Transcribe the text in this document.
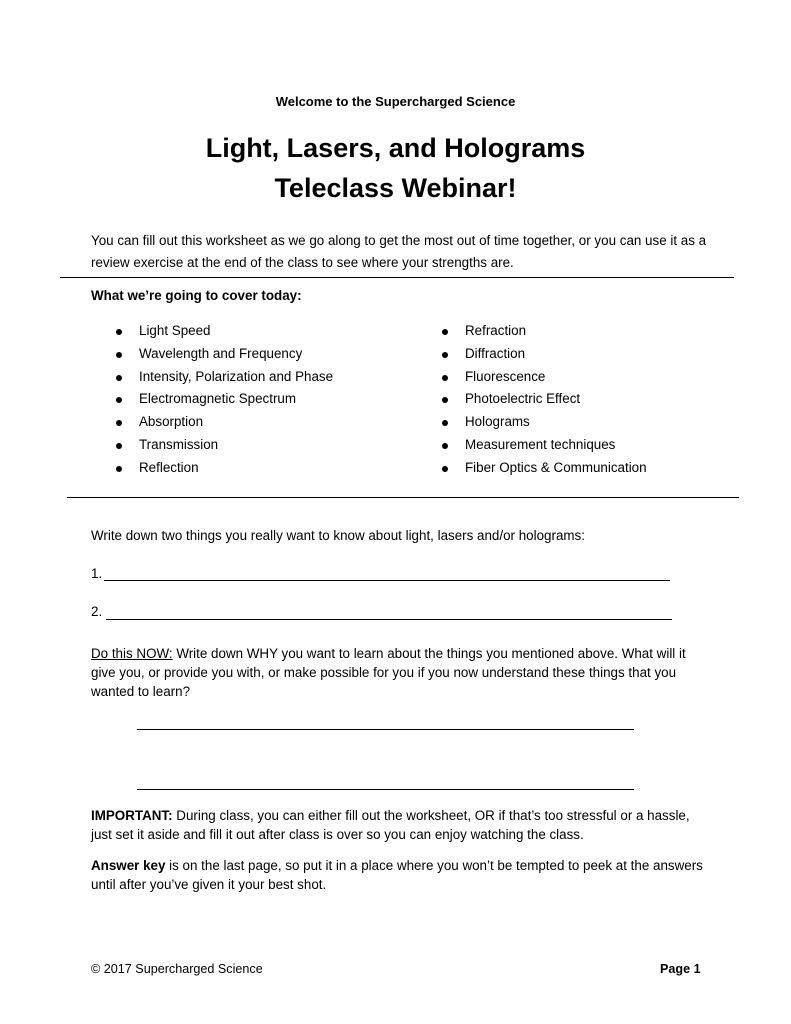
Welcome to the Supercharged Science
Light, Lasers, and Holograms
Teleclass Webinar!
You can fill out this worksheet as we go along to get the most out of time together, or you can use it as a review exercise at the end of the class to see where your strengths are.
What we’re going to cover today:
Light Speed
Wavelength and Frequency
Intensity, Polarization and Phase
Electromagnetic Spectrum
Absorption
Transmission
Reflection
Refraction
Diffraction
Fluorescence
Photoelectric Effect
Holograms
Measurement techniques
Fiber Optics & Communication
Write down two things you really want to know about light, lasers and/or holograms:
1.
2.
Do this NOW: Write down WHY you want to learn about the things you mentioned above. What will it give you, or provide you with, or make possible for you if you now understand these things that you wanted to learn?
IMPORTANT: During class, you can either fill out the worksheet, OR if that’s too stressful or a hassle, just set it aside and fill it out after class is over so you can enjoy watching the class.
Answer key is on the last page, so put it in a place where you won’t be tempted to peek at the answers until after you’ve given it your best shot.
© 2017 Supercharged Science	Page 1
